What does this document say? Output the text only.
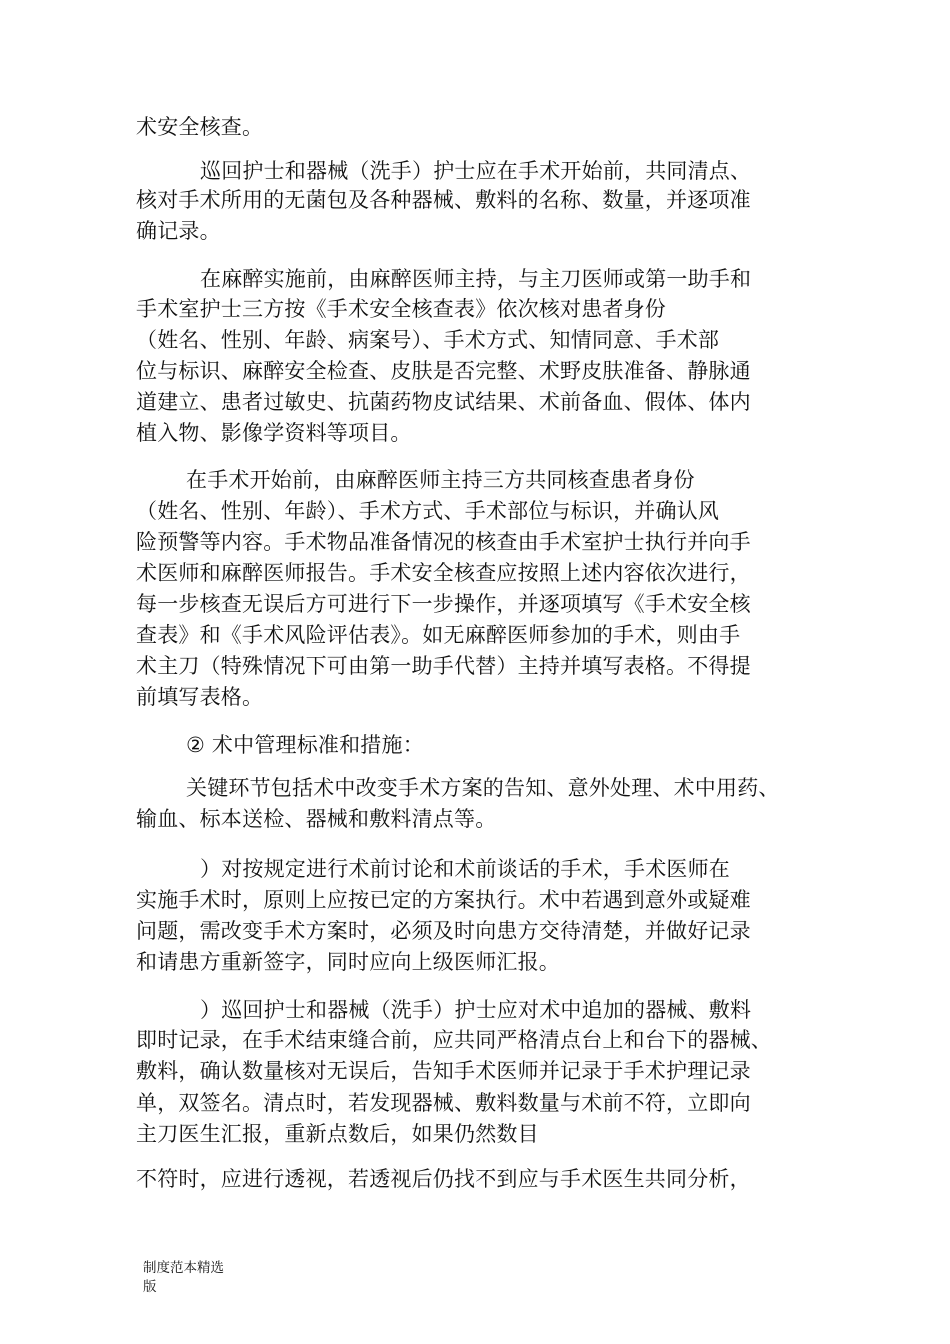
术安全核查。

巡回护士和器械（洗手）护士应在手术开始前，共同清点、

核对手术所用的无菌包及各种器械、敷料的名称、数量，并逐项准

确记录。

在麻醉实施前，由麻醉医师主持，与主刀医师或第一助手和

手术室护士三方按《手术安全核查表》依次核对患者身份

（姓名、性别、年龄、病案号）、手术方式、知情同意、手术部

位与标识、麻醉安全检查、皮肤是否完整、术野皮肤准备、静脉通

道建立、患者过敏史、抗菌药物皮试结果、术前备血、假体、体内

植入物、影像学资料等项目。

在手术开始前，由麻醉医师主持三方共同核查患者身份

（姓名、性别、年龄）、手术方式、手术部位与标识，并确认风

险预警等内容。手术物品准备情况的核查由手术室护士执行并向手

术医师和麻醉医师报告。手术安全核查应按照上述内容依次进行，

每一步核查无误后方可进行下一步操作，并逐项填写《手术安全核

查表》和《手术风险评估表》。如无麻醉医师参加的手术，则由手

术主刀（特殊情况下可由第一助手代替）主持并填写表格。不得提

前填写表格。

② 术中管理标准和措施：

关键环节包括术中改变手术方案的告知、意外处理、术中用药、

输血、标本送检、器械和敷料清点等。

）对按规定进行术前讨论和术前谈话的手术，手术医师在

实施手术时，原则上应按已定的方案执行。术中若遇到意外或疑难

问题，需改变手术方案时，必须及时向患方交待清楚，并做好记录

和请患方重新签字，同时应向上级医师汇报。

）巡回护士和器械（洗手）护士应对术中追加的器械、敷料

即时记录，在手术结束缝合前，应共同严格清点台上和台下的器械、

敷料，确认数量核对无误后，告知手术医师并记录于手术护理记录

单，双签名。清点时，若发现器械、敷料数量与术前不符，立即向

主刀医生汇报，重新点数后，如果仍然数目

不符时，应进行透视，若透视后仍找不到应与手术医生共同分析，

制度范本精选
版
